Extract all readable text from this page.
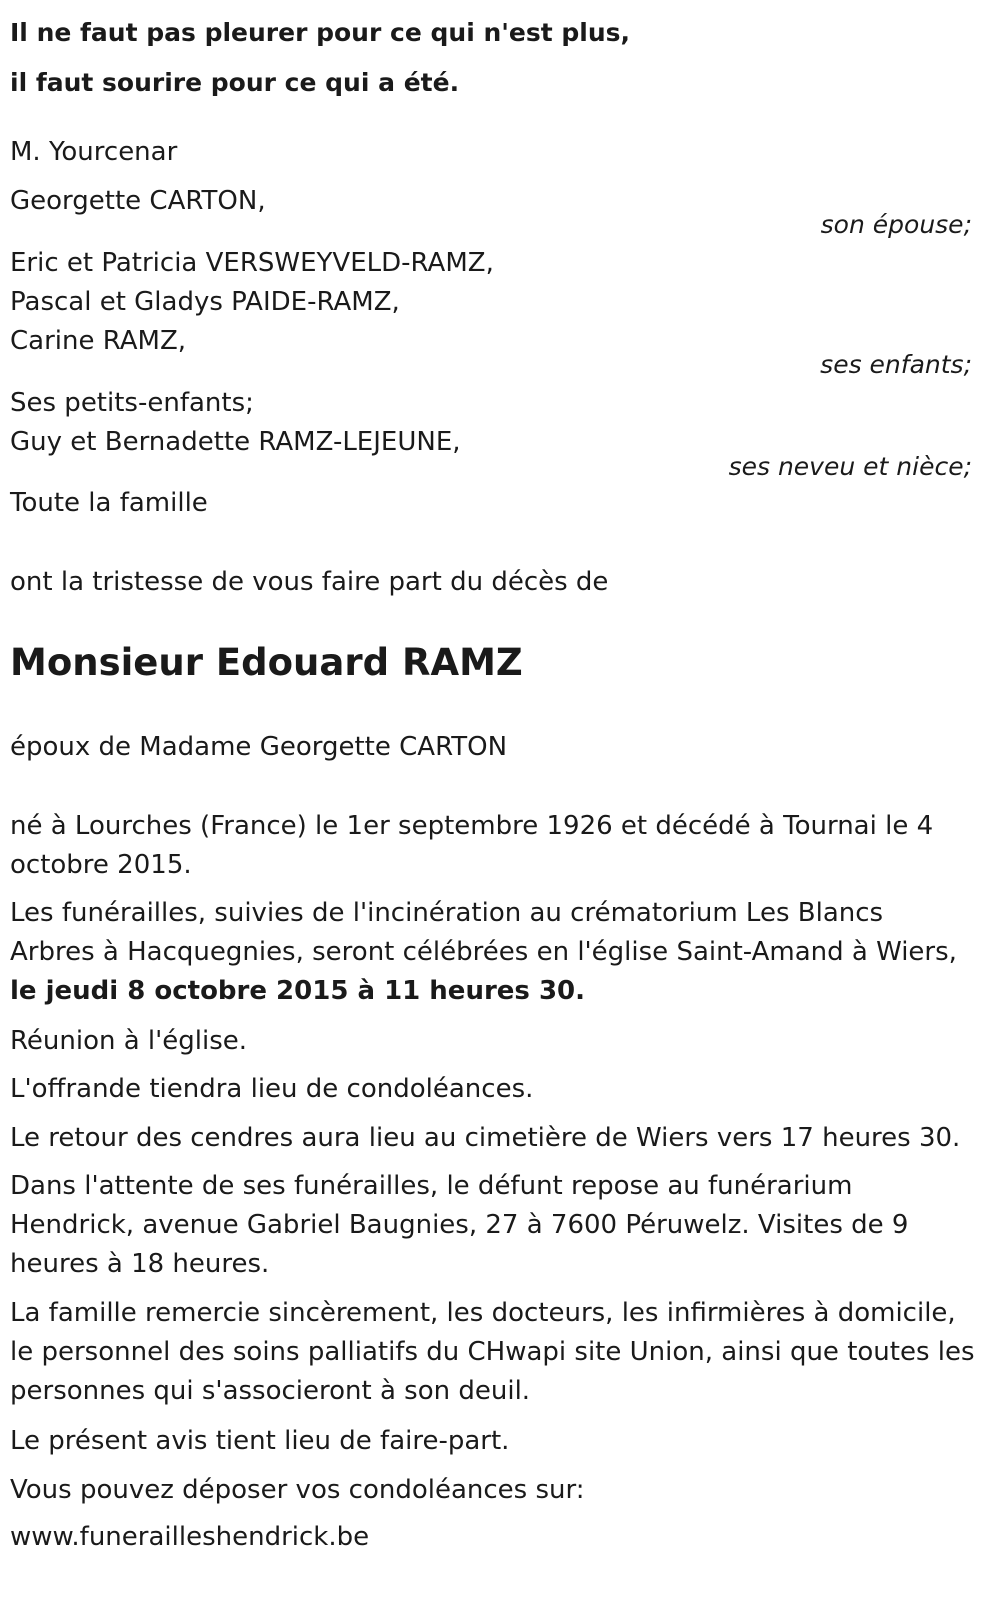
Il ne faut pas pleurer pour ce qui n'est plus,
il faut sourire pour ce qui a été.
M. Yourcenar
Georgette CARTON,
son épouse;
Eric et Patricia VERSWEYVELD-RAMZ,
Pascal et Gladys PAIDE-RAMZ,
Carine RAMZ,
ses enfants;
Ses petits-enfants;
Guy et Bernadette RAMZ-LEJEUNE,
ses neveu et nièce;
Toute la famille
ont la tristesse de vous faire part du décès de
Monsieur Edouard RAMZ
époux de Madame Georgette CARTON
né à Lourches (France) le 1er septembre 1926 et décédé à Tournai le 4 octobre 2015.
Les funérailles, suivies de l'incinération au crématorium Les Blancs Arbres à Hacquegnies, seront célébrées en l'église Saint-Amand à Wiers,
le jeudi 8 octobre 2015 à 11 heures 30.
Réunion à l'église.
L'offrande tiendra lieu de condoléances.
Le retour des cendres aura lieu au cimetière de Wiers vers 17 heures 30.
Dans l'attente de ses funérailles, le défunt repose au funérarium Hendrick, avenue Gabriel Baugnies, 27 à 7600 Péruwelz. Visites de 9 heures à 18 heures.
La famille remercie sincèrement, les docteurs, les infirmières à domicile, le personnel des soins palliatifs du CHwapi site Union, ainsi que toutes les personnes qui s'associeront à son deuil.
Le présent avis tient lieu de faire-part.
Vous pouvez déposer vos condoléances sur:
www.funerailleshendrick.be
